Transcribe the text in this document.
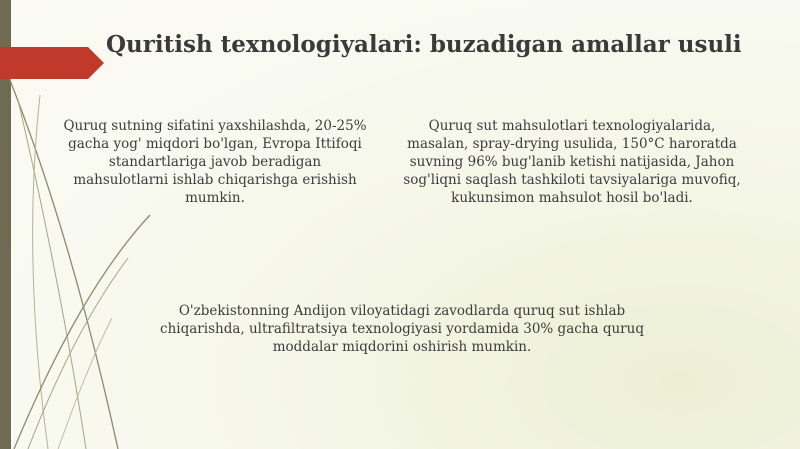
Quritish texnologiyalari: buzadigan amallar usuli

Quruq sutning sifatini yaxshilashda, 20-25% gacha yog' miqdori bo'lgan, Evropa Ittifoqi standartlariga javob beradigan mahsulotlarni ishlab chiqarishga erishish mumkin.

Quruq sut mahsulotlari texnologiyalarida, masalan, spray-drying usulida, 150°C haroratda suvning 96% bug'lanib ketishi natijasida, Jahon sog'liqni saqlash tashkiloti tavsiyalariga muvofiq, kukunsimon mahsulot hosil bo'ladi.

O'zbekistonning Andijon viloyatidagi zavodlarda quruq sut ishlab chiqarishda, ultrafiltratsiya texnologiyasi yordamida 30% gacha quruq moddalar miqdorini oshirish mumkin.
